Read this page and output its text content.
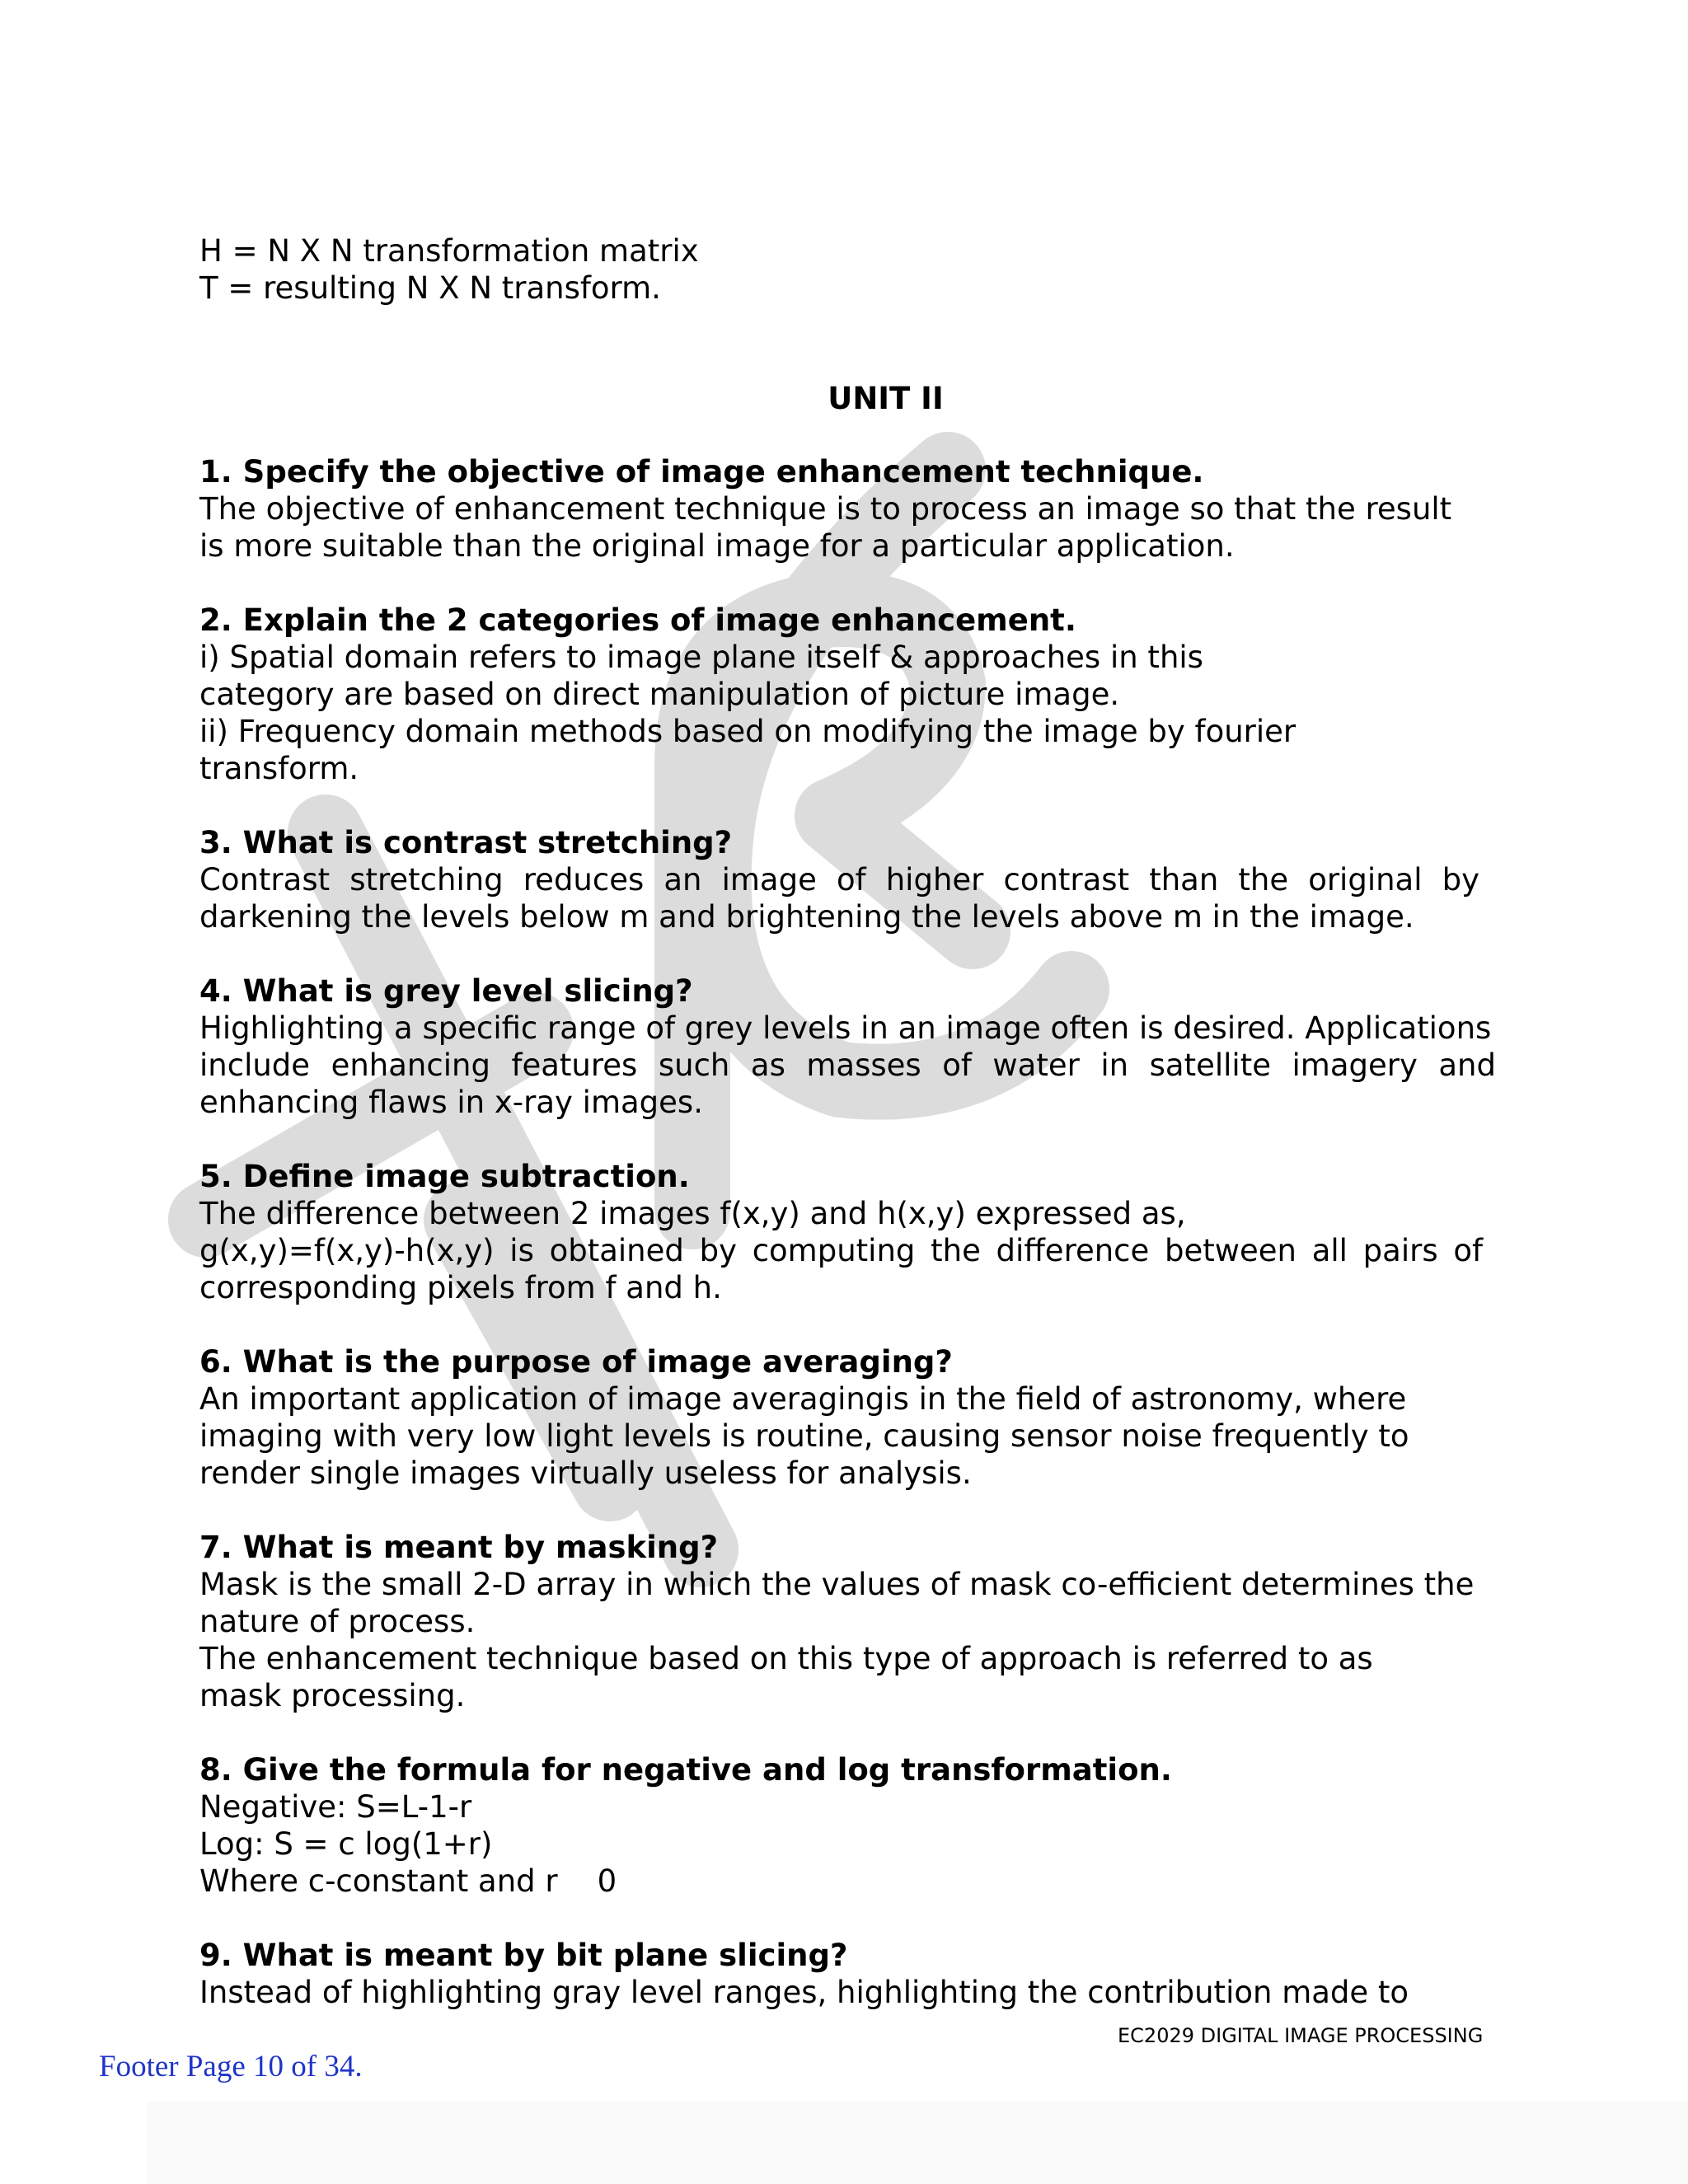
H = N X N transformation matrix
T = resulting N X N transform.
UNIT II
1. Specify the objective of image enhancement technique.
The objective of enhancement technique is to process an image so that the result
is more suitable than the original image for a particular application.
2. Explain the 2 categories of image enhancement.
i) Spatial domain refers to image plane itself & approaches in this
category are based on direct manipulation of picture image.
ii) Frequency domain methods based on modifying the image by fourier
transform.
3. What is contrast stretching?
Contrast stretching reduces an image of higher contrast than the original by
darkening the levels below m and brightening the levels above m in the image.
4. What is grey level slicing?
Highlighting a specific range of grey levels in an image often is desired. Applications
include enhancing features such as masses of water in satellite imagery and
enhancing flaws in x-ray images.
5. Define image subtraction.
The difference between 2 images f(x,y) and h(x,y) expressed as,
g(x,y)=f(x,y)-h(x,y) is obtained by computing the difference between all pairs of
corresponding pixels from f and h.
6. What is the purpose of image averaging?
An important application of image averagingis in the field of astronomy, where
imaging with very low light levels is routine, causing sensor noise frequently to
render single images virtually useless for analysis.
7. What is meant by masking?
Mask is the small 2-D array in which the values of mask co-efficient determines the
nature of process.
The enhancement technique based on this type of approach is referred to as
mask processing.
8. Give the formula for negative and log transformation.
Negative: S=L-1-r
Log: S = c log(1+r)
Where c-constant and r 0
9. What is meant by bit plane slicing?
Instead of highlighting gray level ranges, highlighting the contribution made to
EC2029 DIGITAL IMAGE PROCESSING
Footer Page 10 of 34.
